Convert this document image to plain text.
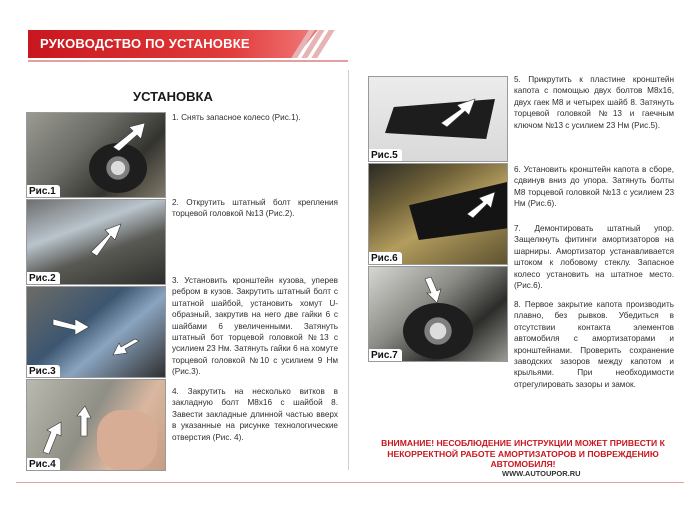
РУКОВОДСТВО ПО УСТАНОВКЕ
УСТАНОВКА
Рис.1
Рис.2
Рис.3
Рис.4
Рис.5
Рис.6
Рис.7
1. Снять запасное колесо (Рис.1).
2. Открутить штатный болт крепления торцевой головкой №13 (Рис.2).
3. Установить кронштейн кузова, уперев ребром в кузов. Закрутить штатный болт с штатной шайбой, установить хомут U-образный, закрутив на него две гайки 6 с шайбами 6 увеличенными. Затянуть штатный бот торцевой головкой №13 с усилием 23 Нм. Затянуть гайки 6 на хомуте торцевой головкой №10 с усилием 9 Нм (Рис.3).
4. Закрутить на несколько витков в закладную болт М8х16 с шайбой 8. Завести закладные длинной частью вверх в указанные на рисунке технологические отверстия (Рис. 4).
5. Прикрутить к пластине кронштейн капота с помощью двух болтов М8х16, двух гаек М8 и четырех шайб 8. Затянуть торцевой головкой №13 и гаечным ключом №13 с усилием 23 Нм (Рис.5).
6. Установить кронштейн капота в сборе, сдвинув вниз до упора. Затянуть болты М8 торцевой головкой №13 с усилием 23 Нм (Рис.6).
7. Демонтировать штатный упор. Защелкнуть фитинги амортизаторов на шарниры. Амортизатор устанавливается штоком к лобовому стеклу. Запасное колесо установить на штатное место. (Рис.6).
8. Первое закрытие капота производить плавно, без рывков. Убедиться в отсутствии контакта элементов автомобиля с амортизаторами и кронштейнами. Проверить сохранение заводских зазоров между капотом и крыльями. При необходимости отрегулировать зазоры и замок.
ВНИМАНИЕ! НЕСОБЛЮДЕНИЕ ИНСТРУКЦИИ МОЖЕТ ПРИВЕСТИ К
НЕКОРРЕКТНОЙ РАБОТЕ АМОРТИЗАТОРОВ И ПОВРЕЖДЕНИЮ
АВТОМОБИЛЯ!
WWW.AUTOUPOR.RU
